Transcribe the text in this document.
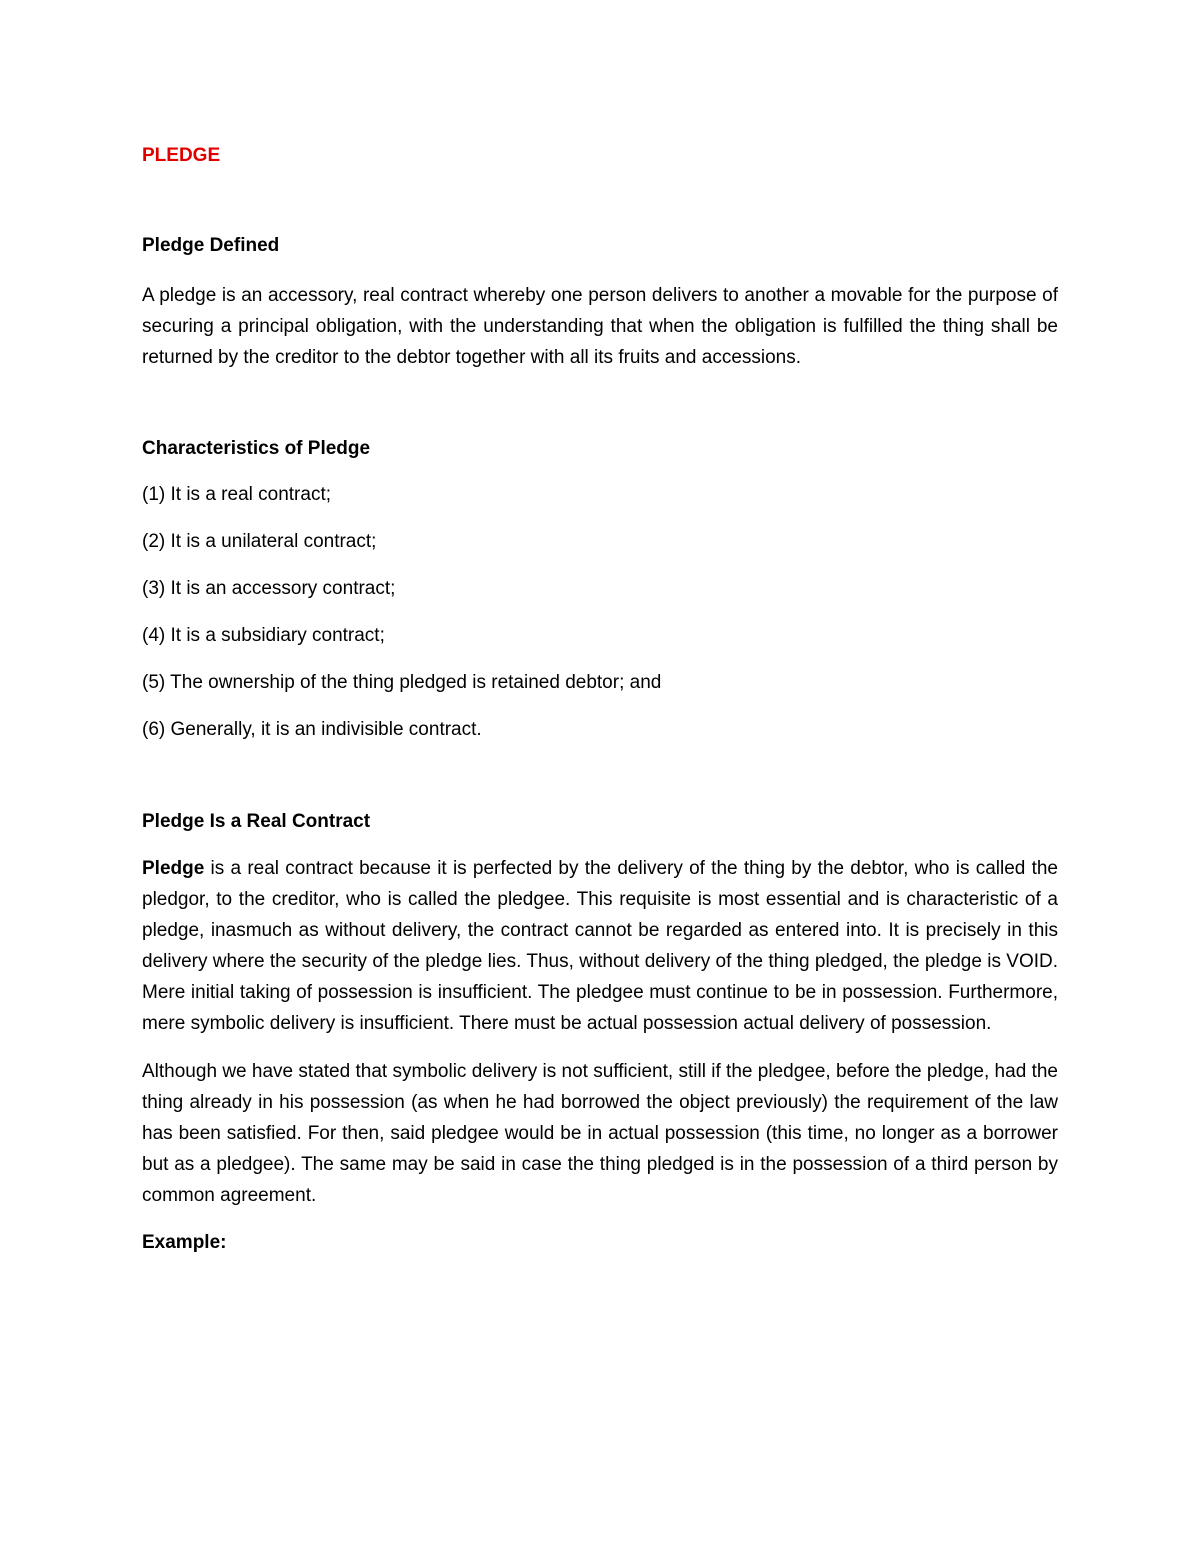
PLEDGE
Pledge Defined

A pledge is an accessory, real contract whereby one person delivers to another a movable for the purpose of securing a principal obligation, with the understanding that when the obligation is fulfilled the thing shall be returned by the creditor to the debtor together with all its fruits and accessions.

Characteristics of Pledge
(1) It is a real contract;
(2) It is a unilateral contract;
(3) It is an accessory contract;
(4) It is a subsidiary contract;
(5) The ownership of the thing pledged is retained debtor; and
(6) Generally, it is an indivisible contract.
Pledge Is a Real Contract

Pledge is a real contract because it is perfected by the delivery of the thing by the debtor, who is called the pledgor, to the creditor, who is called the pledgee. This requisite is most essential and is characteristic of a pledge, inasmuch as without delivery, the contract cannot be regarded as entered into. It is precisely in this delivery where the security of the pledge lies. Thus, without delivery of the thing pledged, the pledge is VOID. Mere initial taking of possession is insufficient. The pledgee must continue to be in possession. Furthermore, mere symbolic delivery is insufficient. There must be actual possession actual delivery of possession.

Although we have stated that symbolic delivery is not sufficient, still if the pledgee, before the pledge, had the thing already in his possession (as when he had borrowed the object previously) the requirement of the law has been satisfied. For then, said pledgee would be in actual possession (this time, no longer as a borrower but as a pledgee). The same may be said in case the thing pledged is in the possession of a third person by common agreement.

Example:
